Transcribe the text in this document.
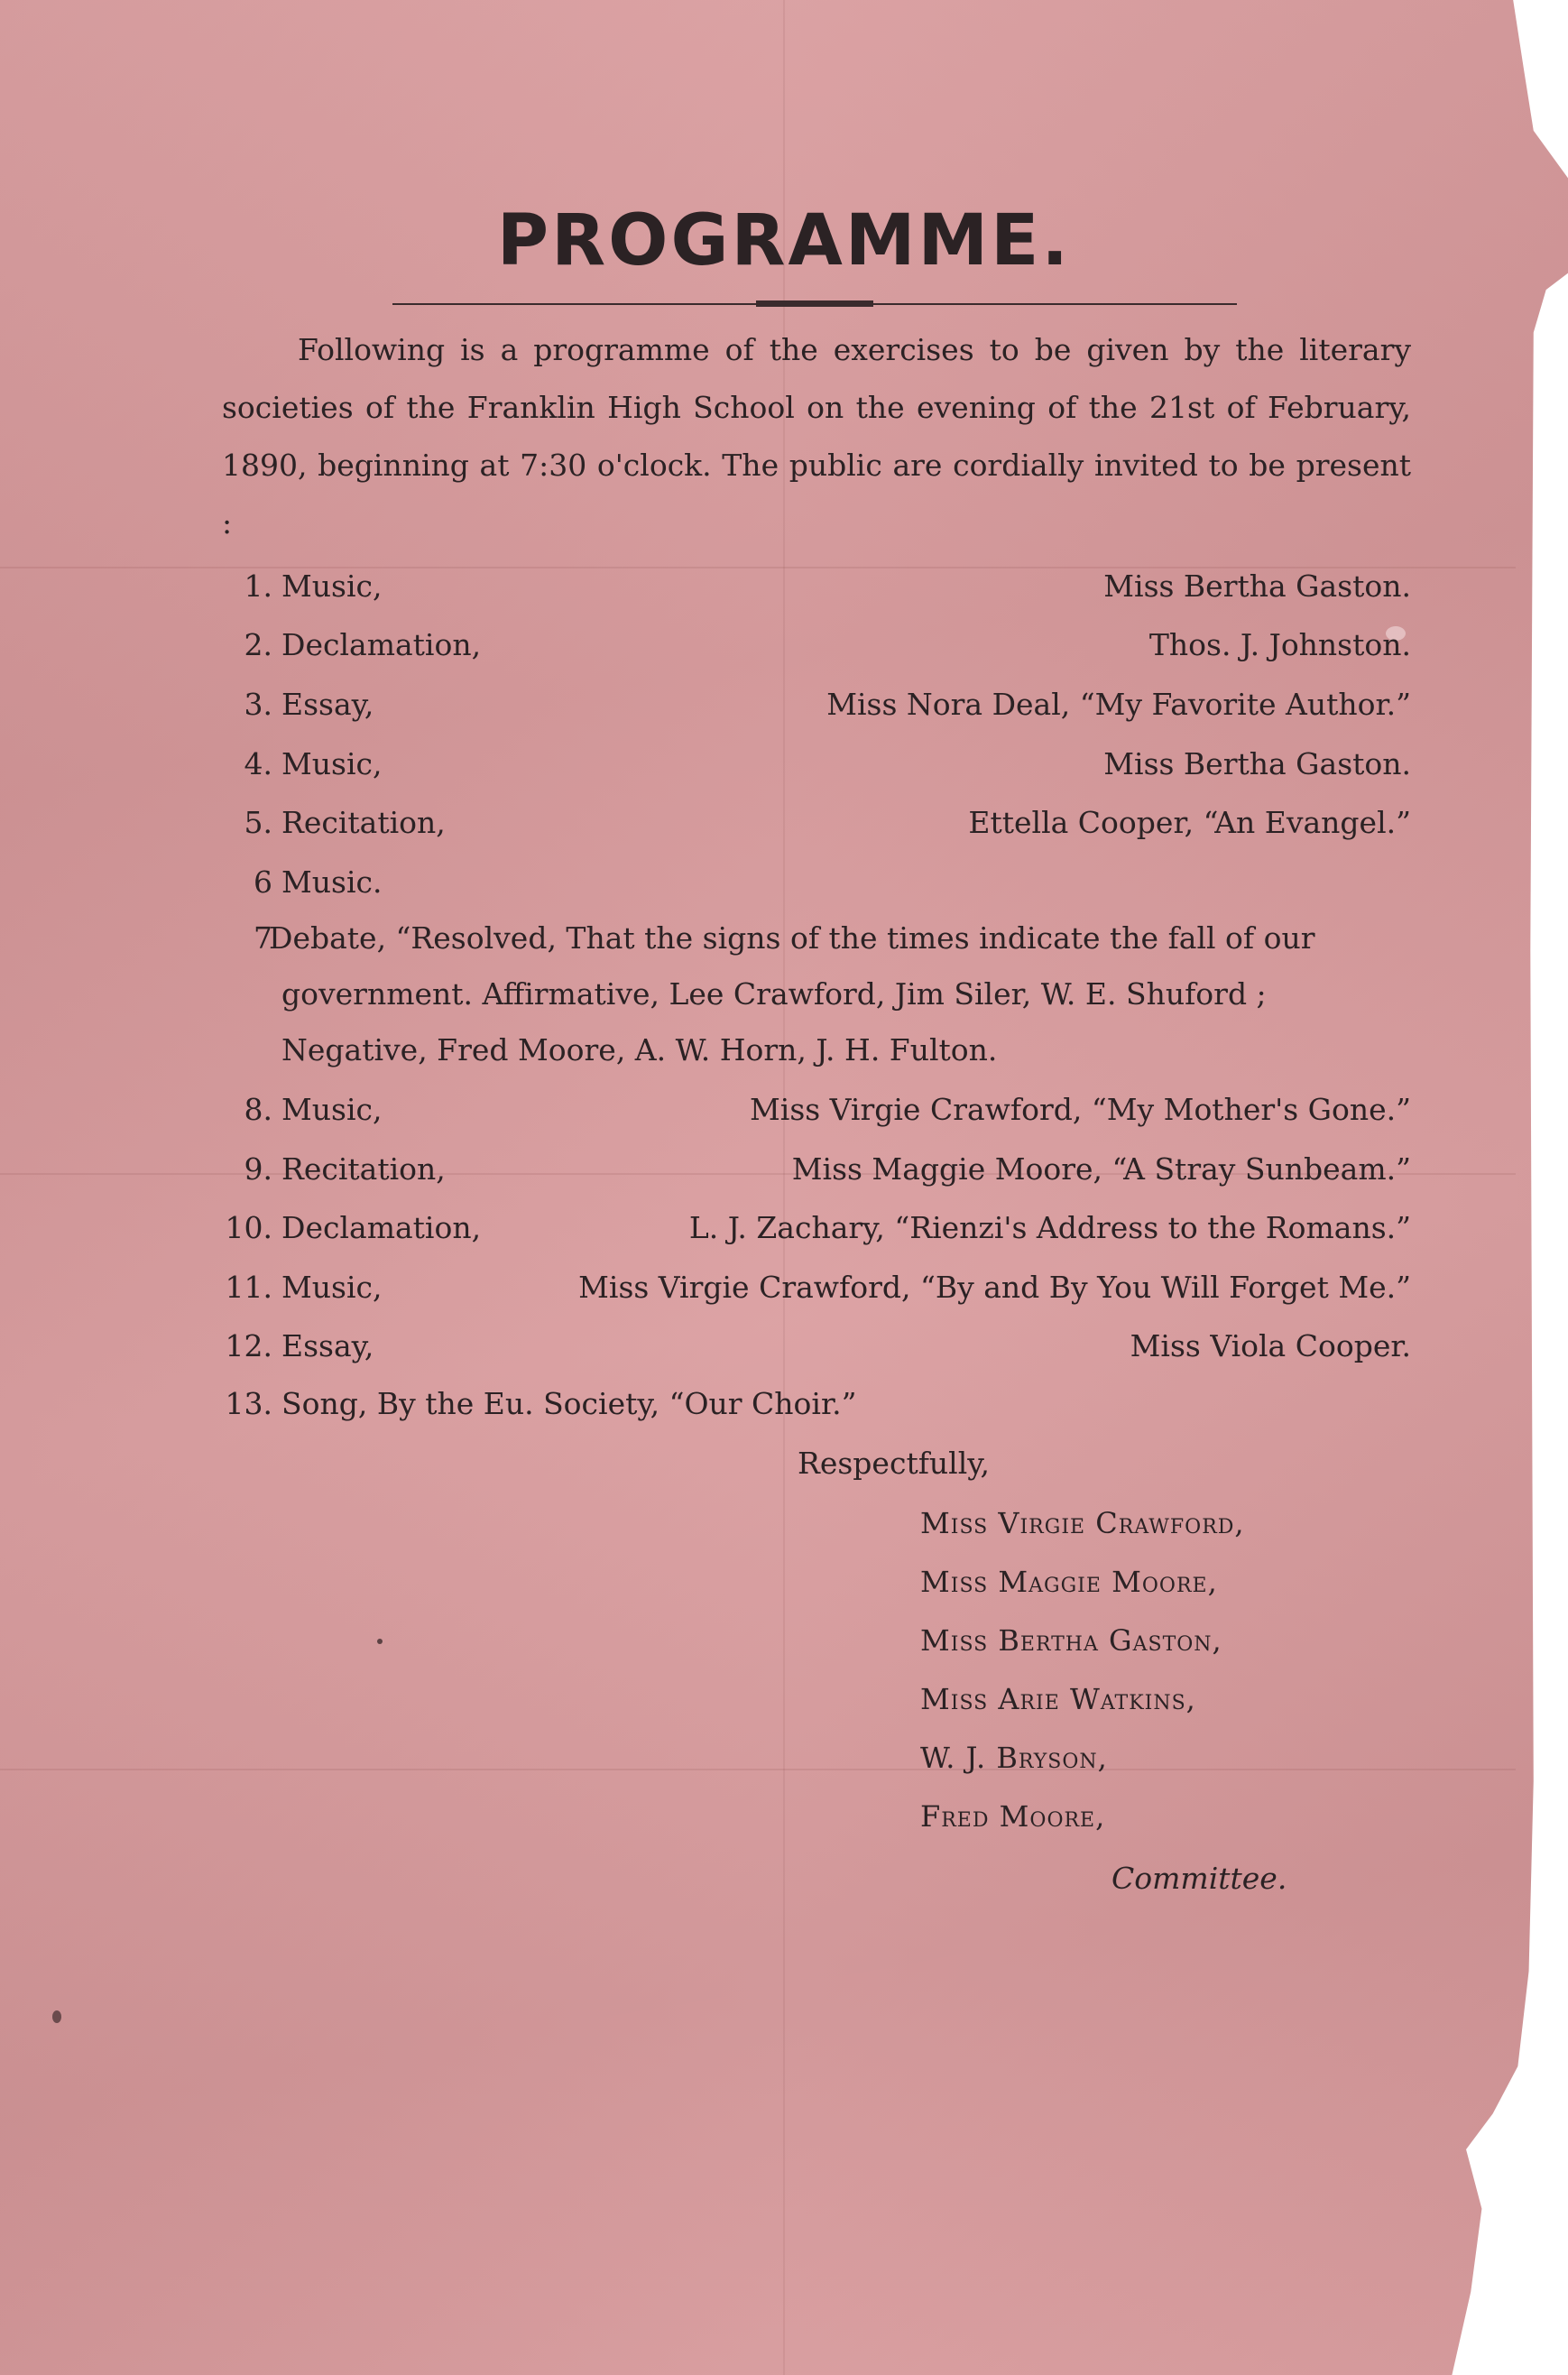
PROGRAMME.

Following is a programme of the exercises to be given by the literary societies of the Franklin High School on the evening of the 21st of February, 1890, beginning at 7:30 o'clock. The public are cordially invited to be present :

1. Music,	Miss Bertha Gaston.
2. Declamation,	Thos. J. Johnston.
3. Essay,	Miss Nora Deal, “My Favorite Author.”
4. Music,	Miss Bertha Gaston.
5. Recitation,	Ettella Cooper, “An Evangel.”
6 Music.
7
Debate, “Resolved, That the signs of the times indicate the fall of our
government. Affirmative, Lee Crawford, Jim Siler, W. E. Shuford ;
Negative, Fred Moore, A. W. Horn, J. H. Fulton.
8. Music,	Miss Virgie Crawford, “My Mother's Gone.”
9. Recitation,	Miss Maggie Moore, “A Stray Sunbeam.”
10. Declamation,	L. J. Zachary, “Rienzi's Address to the Romans.”
11. Music,	Miss Virgie Crawford, “By and By You Will Forget Me.”
12. Essay,	Miss Viola Cooper.
13. Song, By the Eu. Society, “Our Choir.”

Respectfully,

Miss Virgie Crawford,
Miss Maggie Moore,
Miss Bertha Gaston,
Miss Arie Watkins,
W. J. Bryson,
Fred Moore,

Committee.
